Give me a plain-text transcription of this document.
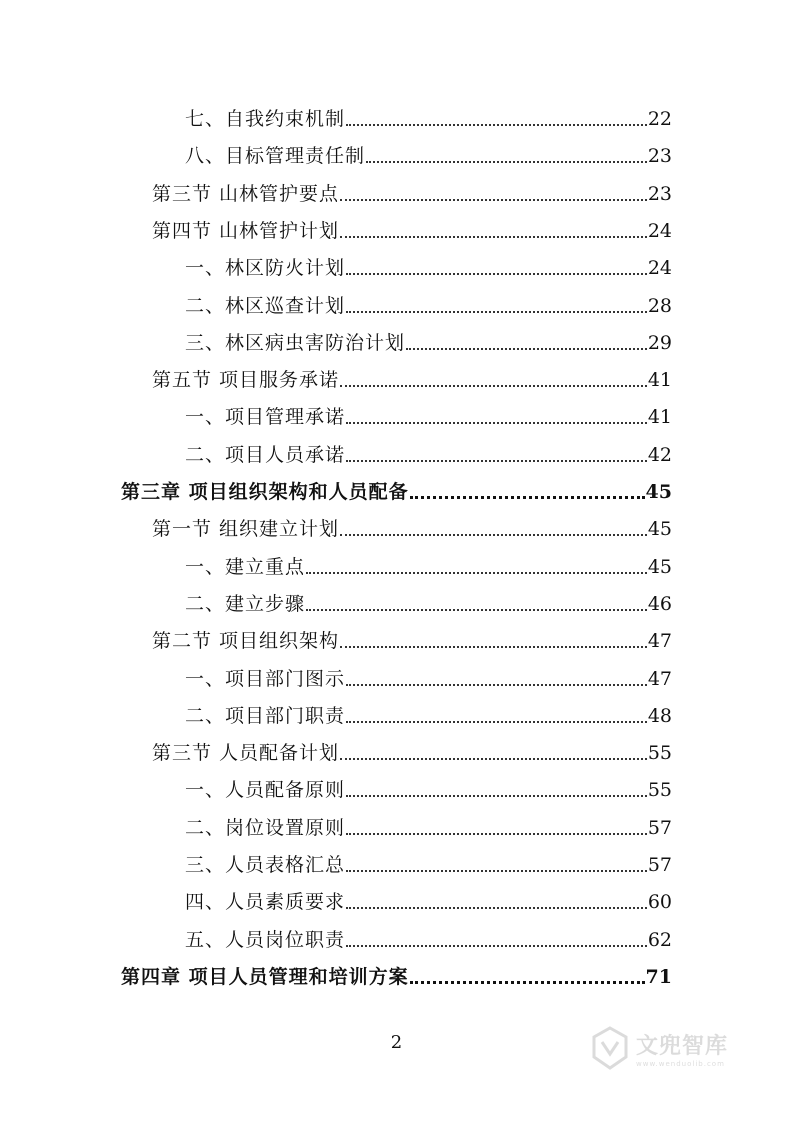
七、自我约束机制	22
八、目标管理责任制	23
第三节 山林管护要点	23
第四节 山林管护计划	24
一、林区防火计划	24
二、林区巡查计划	28
三、林区病虫害防治计划	29
第五节 项目服务承诺	41
一、项目管理承诺	41
二、项目人员承诺	42
第三章 项目组织架构和人员配备	45
第一节 组织建立计划	45
一、建立重点	45
二、建立步骤	46
第二节 项目组织架构	47
一、项目部门图示	47
二、项目部门职责	48
第三节 人员配备计划	55
一、人员配备原则	55
二、岗位设置原则	57
三、人员表格汇总	57
四、人员素质要求	60
五、人员岗位职责	62
第四章 项目人员管理和培训方案	71
2	文兜智库
www.wenduolib.com
